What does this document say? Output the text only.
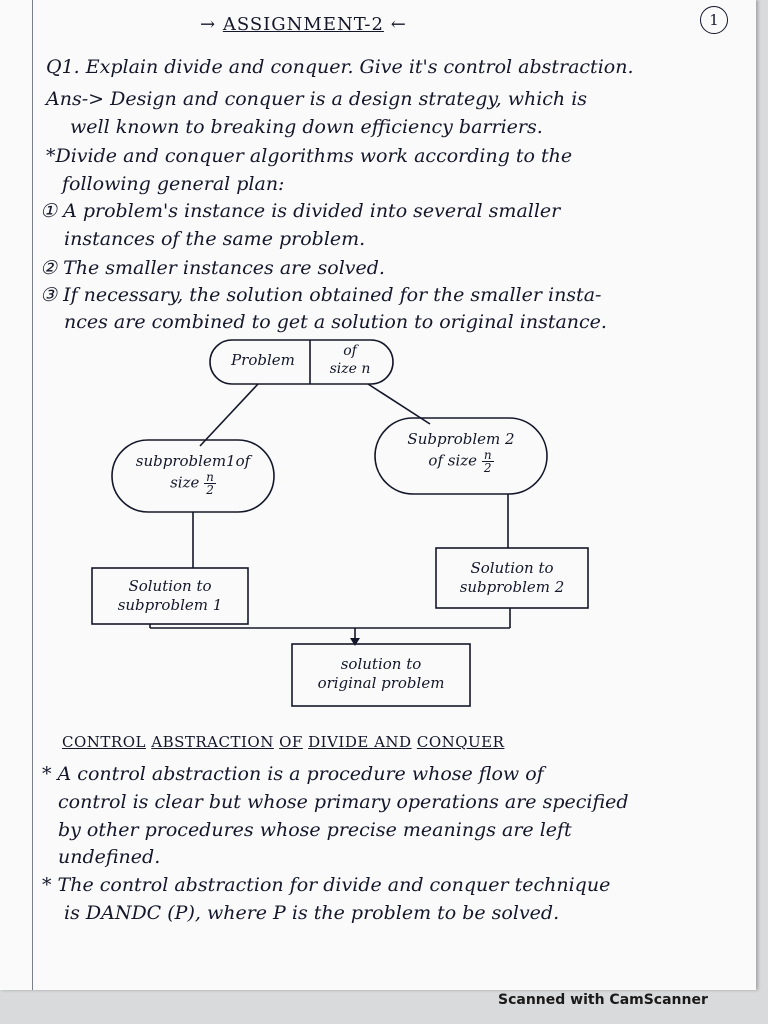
→ ASSIGNMENT-2 ←	1
Q1. Explain divide and conquer. Give it's control abstraction.
Ans-> Design and conquer is a design strategy, which is
well known to breaking down efficiency barriers.
*Divide and conquer algorithms work according to the
following general plan:
① A problem's instance is divided into several smaller
instances of the same problem.
② The smaller instances are solved.
③ If necessary, the solution obtained for the smaller insta-
nces are combined to get a solution to original instance.
Problem	of
size n
subproblem1of
size $\frac{n}{2}$
Subproblem 2
of size $\frac{n}{2}$
Solution to
subproblem 1
Solution to
subproblem 2
solution to
original problem
CONTROL ABSTRACTION OF DIVIDE AND CONQUER
* A control abstraction is a procedure whose flow of
control is clear but whose primary operations are specified
by other procedures whose precise meanings are left
undefined.
* The control abstraction for divide and conquer technique
is DANDC (P), where P is the problem to be solved.
Scanned with CamScanner
